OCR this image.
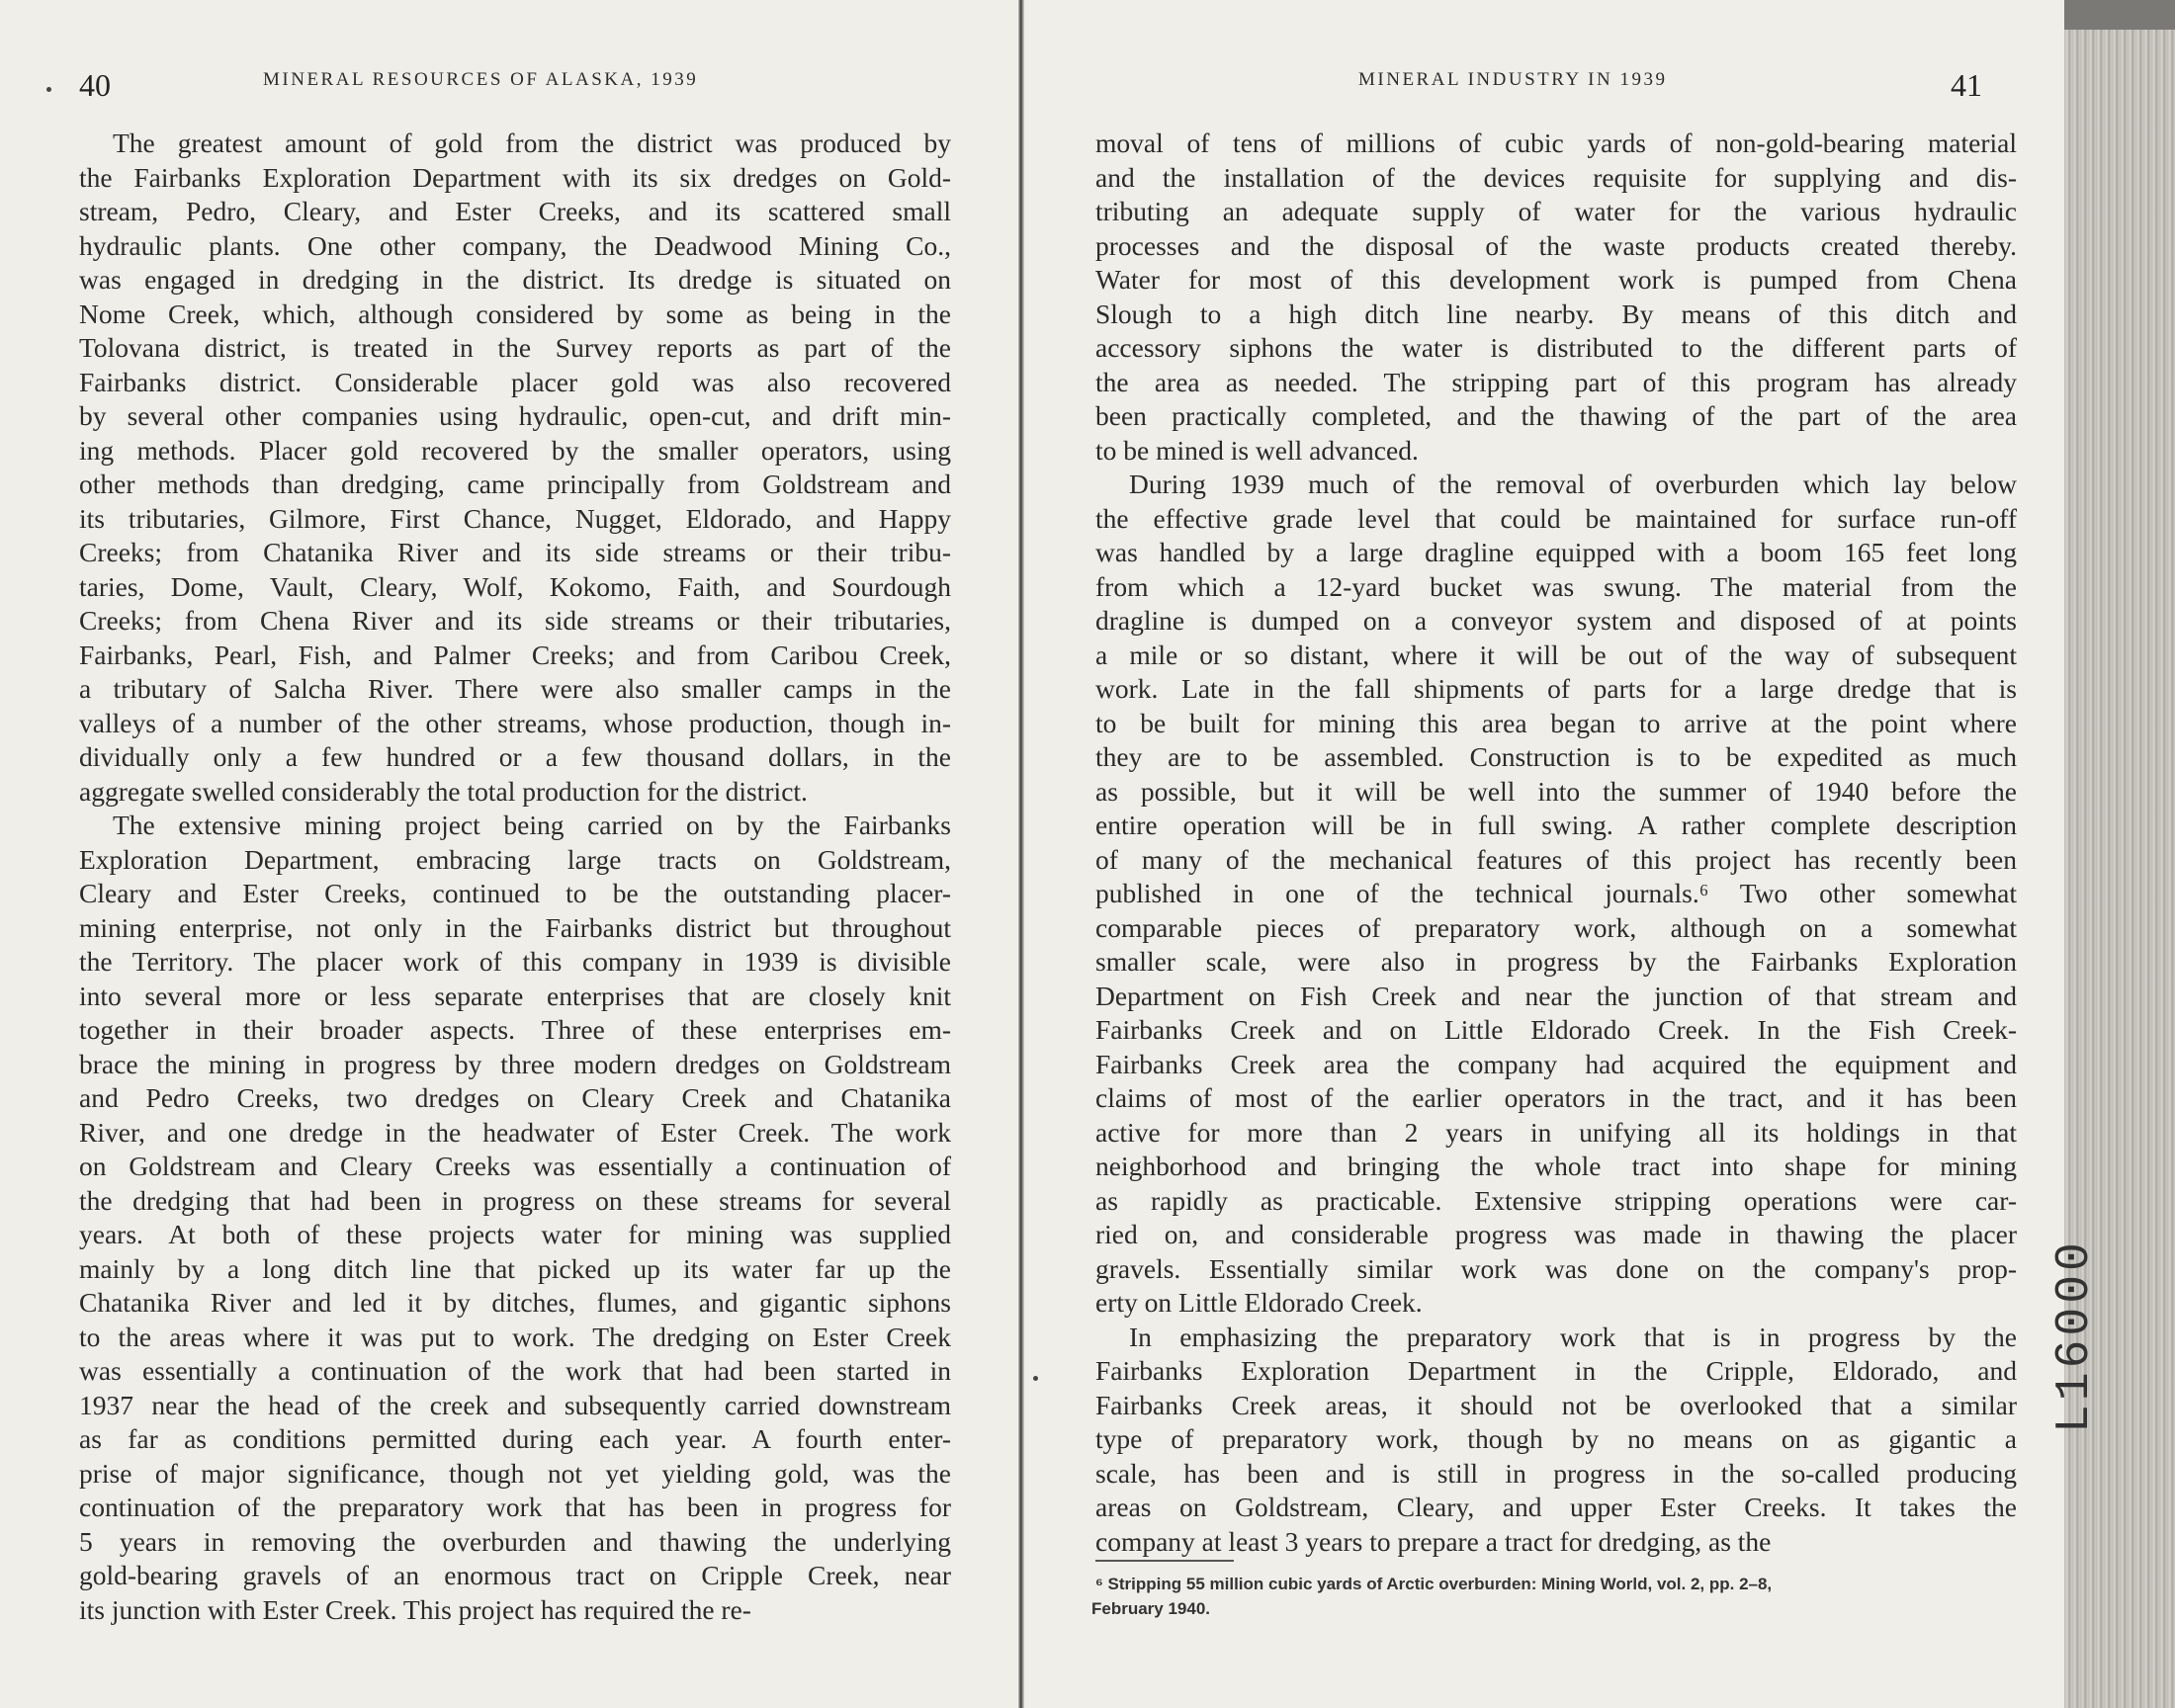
40	MINERAL RESOURCES OF ALASKA, 1939

The greatest amount of gold from the district was produced by
the Fairbanks Exploration Department with its six dredges on Gold-
stream, Pedro, Cleary, and Ester Creeks, and its scattered small
hydraulic plants. One other company, the Deadwood Mining Co.,
was engaged in dredging in the district. Its dredge is situated on
Nome Creek, which, although considered by some as being in the
Tolovana district, is treated in the Survey reports as part of the
Fairbanks district. Considerable placer gold was also recovered
by several other companies using hydraulic, open-cut, and drift min-
ing methods. Placer gold recovered by the smaller operators, using
other methods than dredging, came principally from Goldstream and
its tributaries, Gilmore, First Chance, Nugget, Eldorado, and Happy
Creeks; from Chatanika River and its side streams or their tribu-
taries, Dome, Vault, Cleary, Wolf, Kokomo, Faith, and Sourdough
Creeks; from Chena River and its side streams or their tributaries,
Fairbanks, Pearl, Fish, and Palmer Creeks; and from Caribou Creek,
a tributary of Salcha River. There were also smaller camps in the
valleys of a number of the other streams, whose production, though in-
dividually only a few hundred or a few thousand dollars, in the
aggregate swelled considerably the total production for the district.

The extensive mining project being carried on by the Fairbanks
Exploration Department, embracing large tracts on Goldstream,
Cleary and Ester Creeks, continued to be the outstanding placer-
mining enterprise, not only in the Fairbanks district but throughout
the Territory. The placer work of this company in 1939 is divisible
into several more or less separate enterprises that are closely knit
together in their broader aspects. Three of these enterprises em-
brace the mining in progress by three modern dredges on Goldstream
and Pedro Creeks, two dredges on Cleary Creek and Chatanika
River, and one dredge in the headwater of Ester Creek. The work
on Goldstream and Cleary Creeks was essentially a continuation of
the dredging that had been in progress on these streams for several
years. At both of these projects water for mining was supplied
mainly by a long ditch line that picked up its water far up the
Chatanika River and led it by ditches, flumes, and gigantic siphons
to the areas where it was put to work. The dredging on Ester Creek
was essentially a continuation of the work that had been started in
1937 near the head of the creek and subsequently carried downstream
as far as conditions permitted during each year. A fourth enter-
prise of major significance, though not yet yielding gold, was the
continuation of the preparatory work that has been in progress for
5 years in removing the overburden and thawing the underlying
gold-bearing gravels of an enormous tract on Cripple Creek, near
its junction with Ester Creek. This project has required the re-

MINERAL INDUSTRY IN 1939	41

moval of tens of millions of cubic yards of non-gold-bearing material
and the installation of the devices requisite for supplying and dis-
tributing an adequate supply of water for the various hydraulic
processes and the disposal of the waste products created thereby.
Water for most of this development work is pumped from Chena
Slough to a high ditch line nearby. By means of this ditch and
accessory siphons the water is distributed to the different parts of
the area as needed. The stripping part of this program has already
been practically completed, and the thawing of the part of the area
to be mined is well advanced.

During 1939 much of the removal of overburden which lay below
the effective grade level that could be maintained for surface run-off
was handled by a large dragline equipped with a boom 165 feet long
from which a 12-yard bucket was swung. The material from the
dragline is dumped on a conveyor system and disposed of at points
a mile or so distant, where it will be out of the way of subsequent
work. Late in the fall shipments of parts for a large dredge that is
to be built for mining this area began to arrive at the point where
they are to be assembled. Construction is to be expedited as much
as possible, but it will be well into the summer of 1940 before the
entire operation will be in full swing. A rather complete description
of many of the mechanical features of this project has recently been
published in one of the technical journals.⁶ Two other somewhat
comparable pieces of preparatory work, although on a somewhat
smaller scale, were also in progress by the Fairbanks Exploration
Department on Fish Creek and near the junction of that stream and
Fairbanks Creek and on Little Eldorado Creek. In the Fish Creek-
Fairbanks Creek area the company had acquired the equipment and
claims of most of the earlier operators in the tract, and it has been
active for more than 2 years in unifying all its holdings in that
neighborhood and bringing the whole tract into shape for mining
as rapidly as practicable. Extensive stripping operations were car-
ried on, and considerable progress was made in thawing the placer
gravels. Essentially similar work was done on the company's prop-
erty on Little Eldorado Creek.

In emphasizing the preparatory work that is in progress by the
Fairbanks Exploration Department in the Cripple, Eldorado, and
Fairbanks Creek areas, it should not be overlooked that a similar
type of preparatory work, though by no means on as gigantic a
scale, has been and is still in progress in the so-called producing
areas on Goldstream, Cleary, and upper Ester Creeks. It takes the
company at least 3 years to prepare a tract for dredging, as the

⁶ Stripping 55 million cubic yards of Arctic overburden: Mining World, vol. 2, pp. 2–8,
February 1940.
L16000
